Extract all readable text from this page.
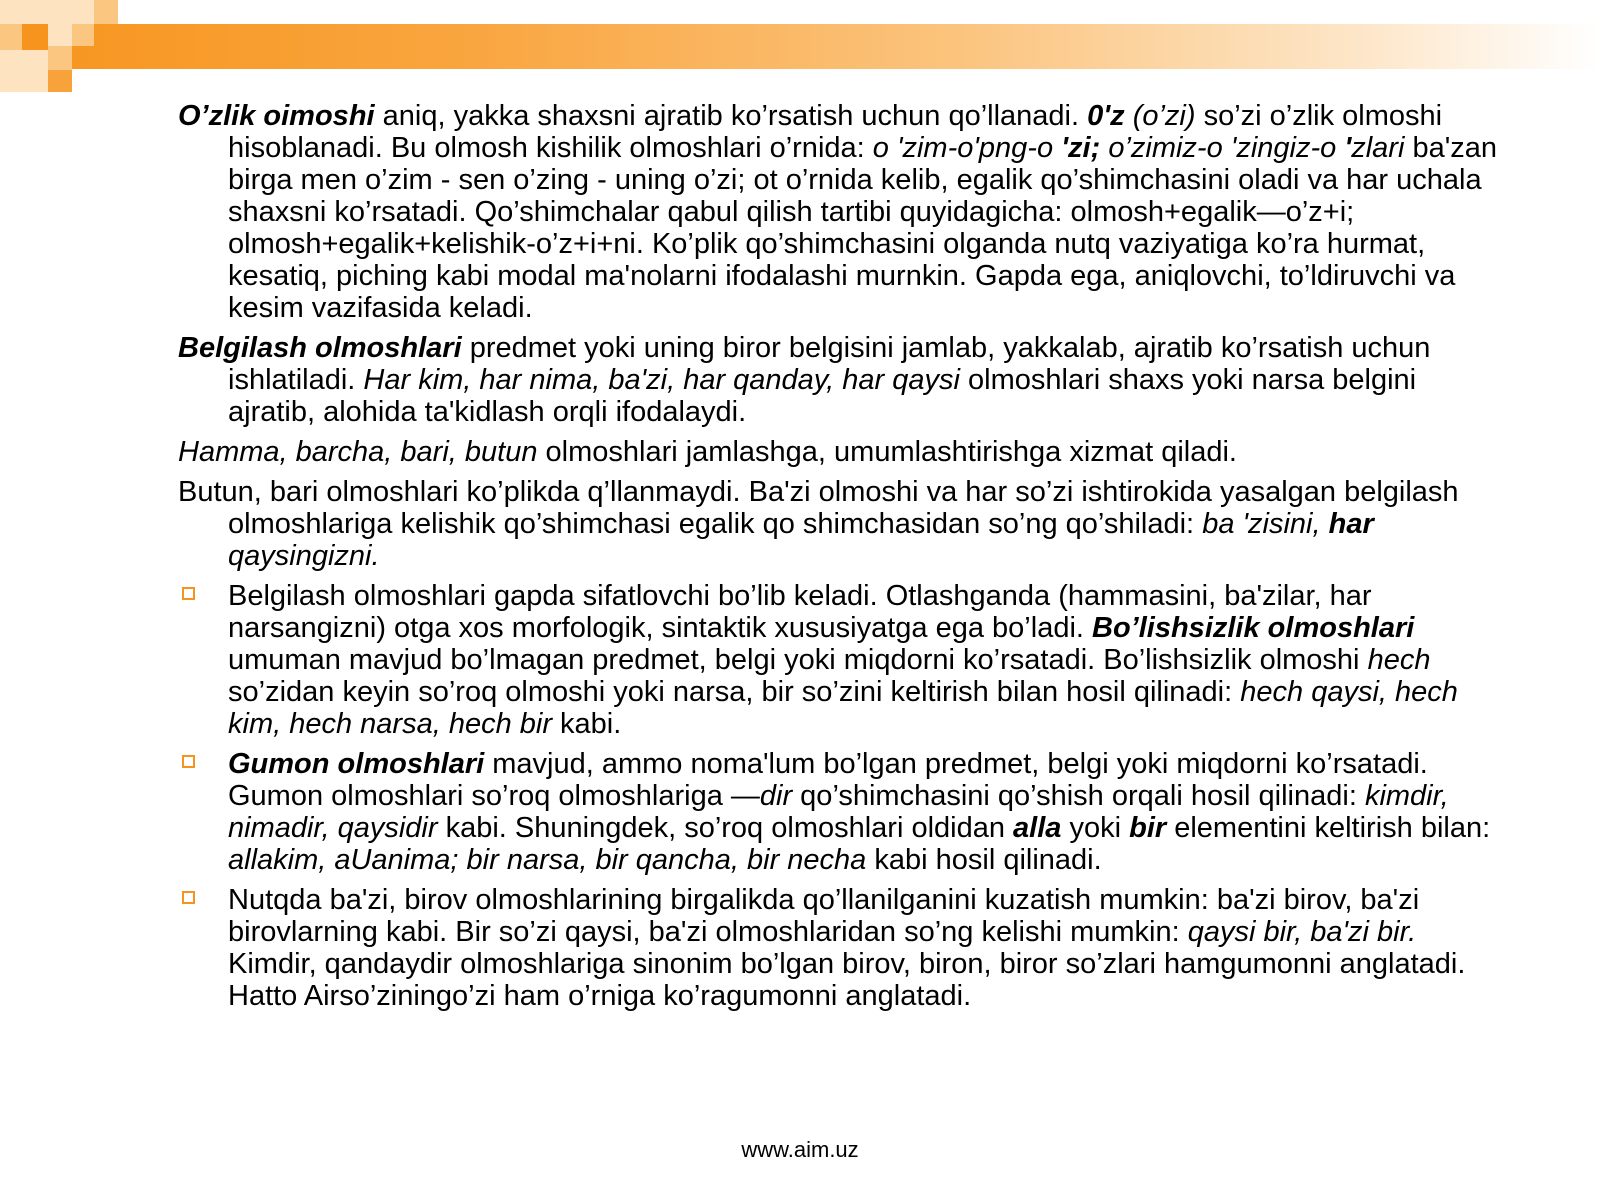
O’zlik oimoshi aniq, yakka shaxsni ajratib ko’rsatish uchun qo’llanadi. 0'z (o’zi) so’zi o’zlik olmoshi hisoblanadi. Bu olmosh kishilik olmoshlari o’rnida: o 'zim-o'png-o 'zi; o’zimiz-o 'zingiz-o 'zlari ba'zan birga men o’zim - sen o’zing - uning o’zi; ot o’rnida kelib, egalik qo’shimchasini oladi va har uchala shaxsni ko’rsatadi. Qo’shimchalar qabul qilish tartibi quyidagicha: olmosh+egalik—o’z+i; olmosh+egalik+kelishik-o’z+i+ni. Ko’plik qo’shimchasini olganda nutq vaziyatiga ko’ra hurmat, kesatiq, piching kabi modal ma'nolarni ifodalashi murnkin. Gapda ega, aniqlovchi, to’ldiruvchi va kesim vazifasida keladi.
Belgilash olmoshlari predmet yoki uning biror belgisini jamlab, yakkalab, ajratib ko’rsatish uchun ishlatiladi. Har kim, har nima, ba'zi, har qanday, har qaysi olmoshlari shaxs yoki narsa belgini ajratib, alohida ta'kidlash orqli ifodalaydi.
Hamma, barcha, bari, butun olmoshlari jamlashga, umumlashtirishga xizmat qiladi.
Butun, bari olmoshlari ko’plikda q’llanmaydi. Ba'zi olmoshi va har so’zi ishtirokida yasalgan belgilash olmoshlariga kelishik qo’shimchasi egalik qo shimchasidan so’ng qo’shiladi: ba 'zisini, har qaysingizni.
Belgilash olmoshlari gapda sifatlovchi bo’lib keladi. Otlashganda (hammasini, ba'zilar, har narsangizni) otga xos morfologik, sintaktik xususiyatga ega bo’ladi. Bo’lishsizlik olmoshlari umuman mavjud bo’lmagan predmet, belgi yoki miqdorni ko’rsatadi. Bo’lishsizlik olmoshi hech so’zidan keyin so’roq olmoshi yoki narsa, bir so’zini keltirish bilan hosil qilinadi: hech qaysi, hech kim, hech narsa, hech bir kabi.
Gumon olmoshlari mavjud, ammo noma'lum bo’lgan predmet, belgi yoki miqdorni ko’rsatadi. Gumon olmoshlari so’roq olmoshlariga —dir qo’shimchasini qo’shish orqali hosil qilinadi: kimdir, nimadir, qaysidir kabi. Shuningdek, so’roq olmoshlari oldidan alla yoki bir elementini keltirish bilan: allakim, aUanima; bir narsa, bir qancha, bir necha kabi hosil qilinadi.
Nutqda ba'zi, birov olmoshlarining birgalikda qo’llanilganini kuzatish mumkin: ba'zi birov, ba'zi birovlarning kabi. Bir so’zi qaysi, ba'zi olmoshlaridan so’ng kelishi mumkin: qaysi bir, ba'zi bir. Kimdir, qandaydir olmoshlariga sinonim bo’lgan birov, biron, biror so’zlari hamgumonni anglatadi. Hatto Airso’ziningo’zi ham o’rniga ko’ragumonni anglatadi.
www.aim.uz
